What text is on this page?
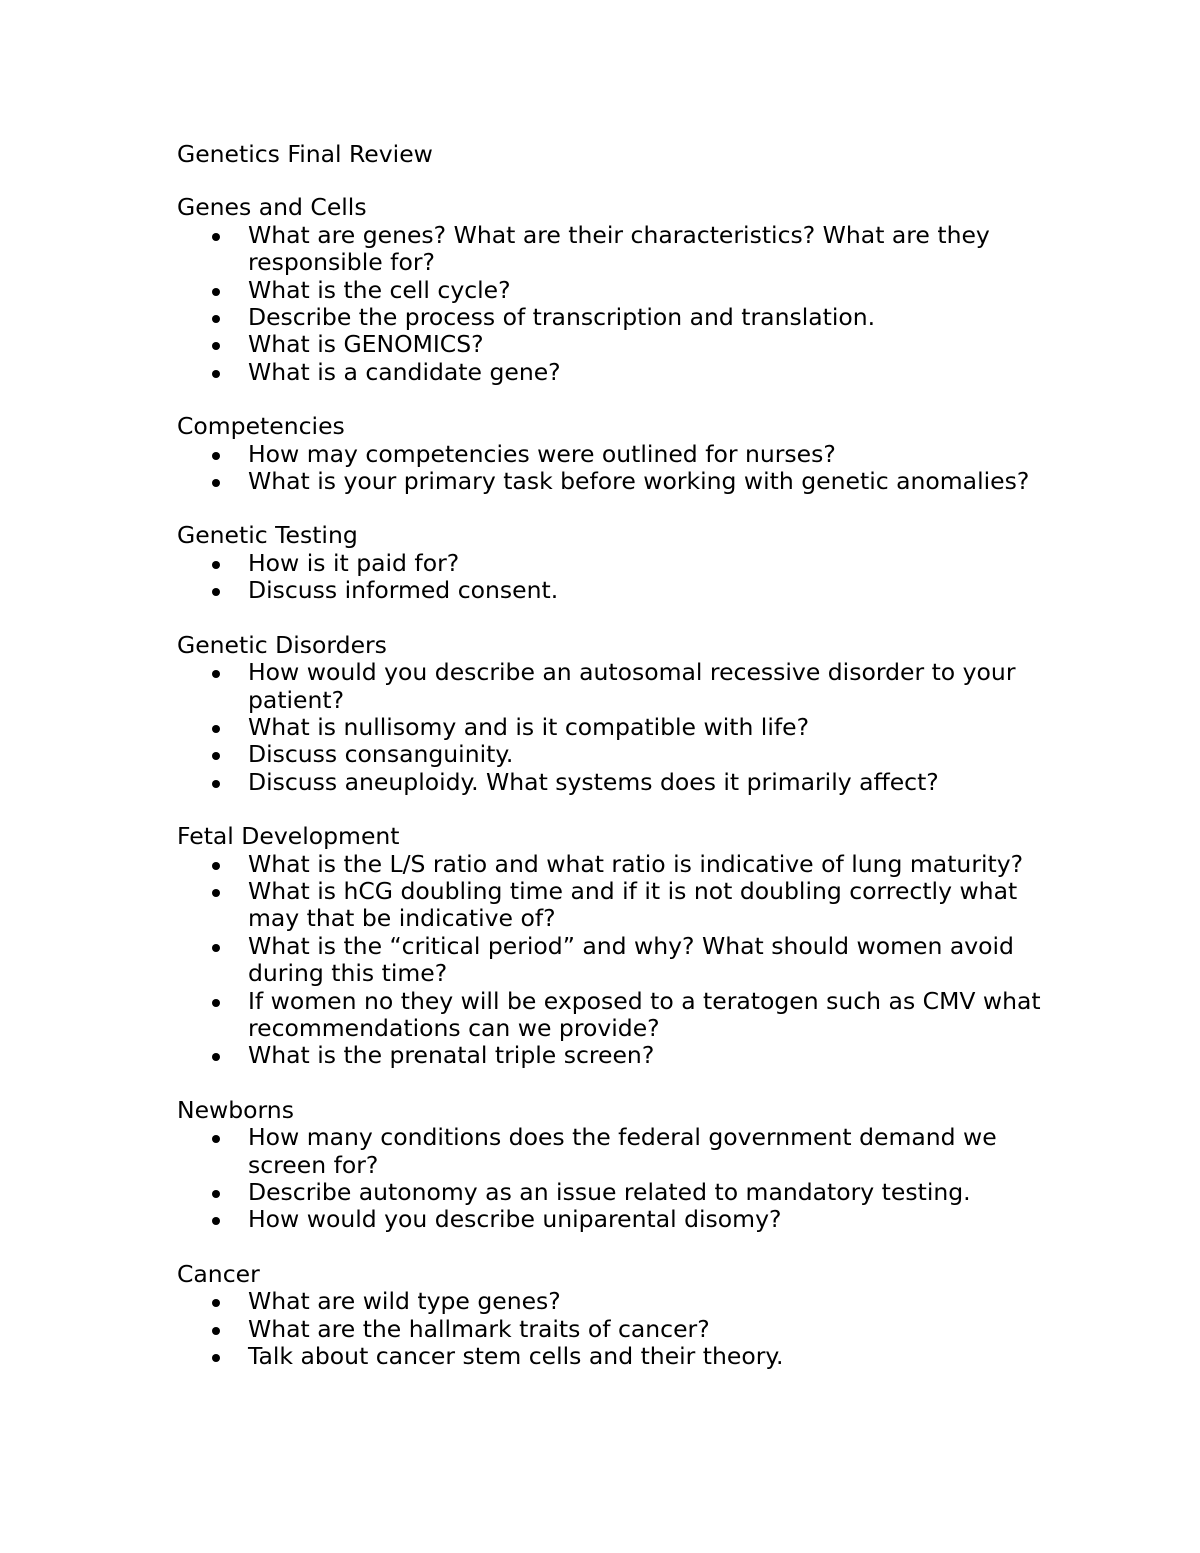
Genetics Final Review
Genes and Cells
What are genes? What are their characteristics? What are they responsible for?
What is the cell cycle?
Describe the process of transcription and translation.
What is GENOMICS?
What is a candidate gene?
Competencies
How may competencies were outlined for nurses?
What is your primary task before working with genetic anomalies?
Genetic Testing
How is it paid for?
Discuss informed consent.
Genetic Disorders
How would you describe an autosomal recessive disorder to your patient?
What is nullisomy and is it compatible with life?
Discuss consanguinity.
Discuss aneuploidy. What systems does it primarily affect?
Fetal Development
What is the L/S ratio and what ratio is indicative of lung maturity?
What is hCG doubling time and if it is not doubling correctly what may that be indicative of?
What is the “critical period” and why? What should women avoid during this time?
If women no they will be exposed to a teratogen such as CMV what recommendations can we provide?
What is the prenatal triple screen?
Newborns
How many conditions does the federal government demand we screen for?
Describe autonomy as an issue related to mandatory testing.
How would you describe uniparental disomy?
Cancer
What are wild type genes?
What are the hallmark traits of cancer?
Talk about cancer stem cells and their theory.
